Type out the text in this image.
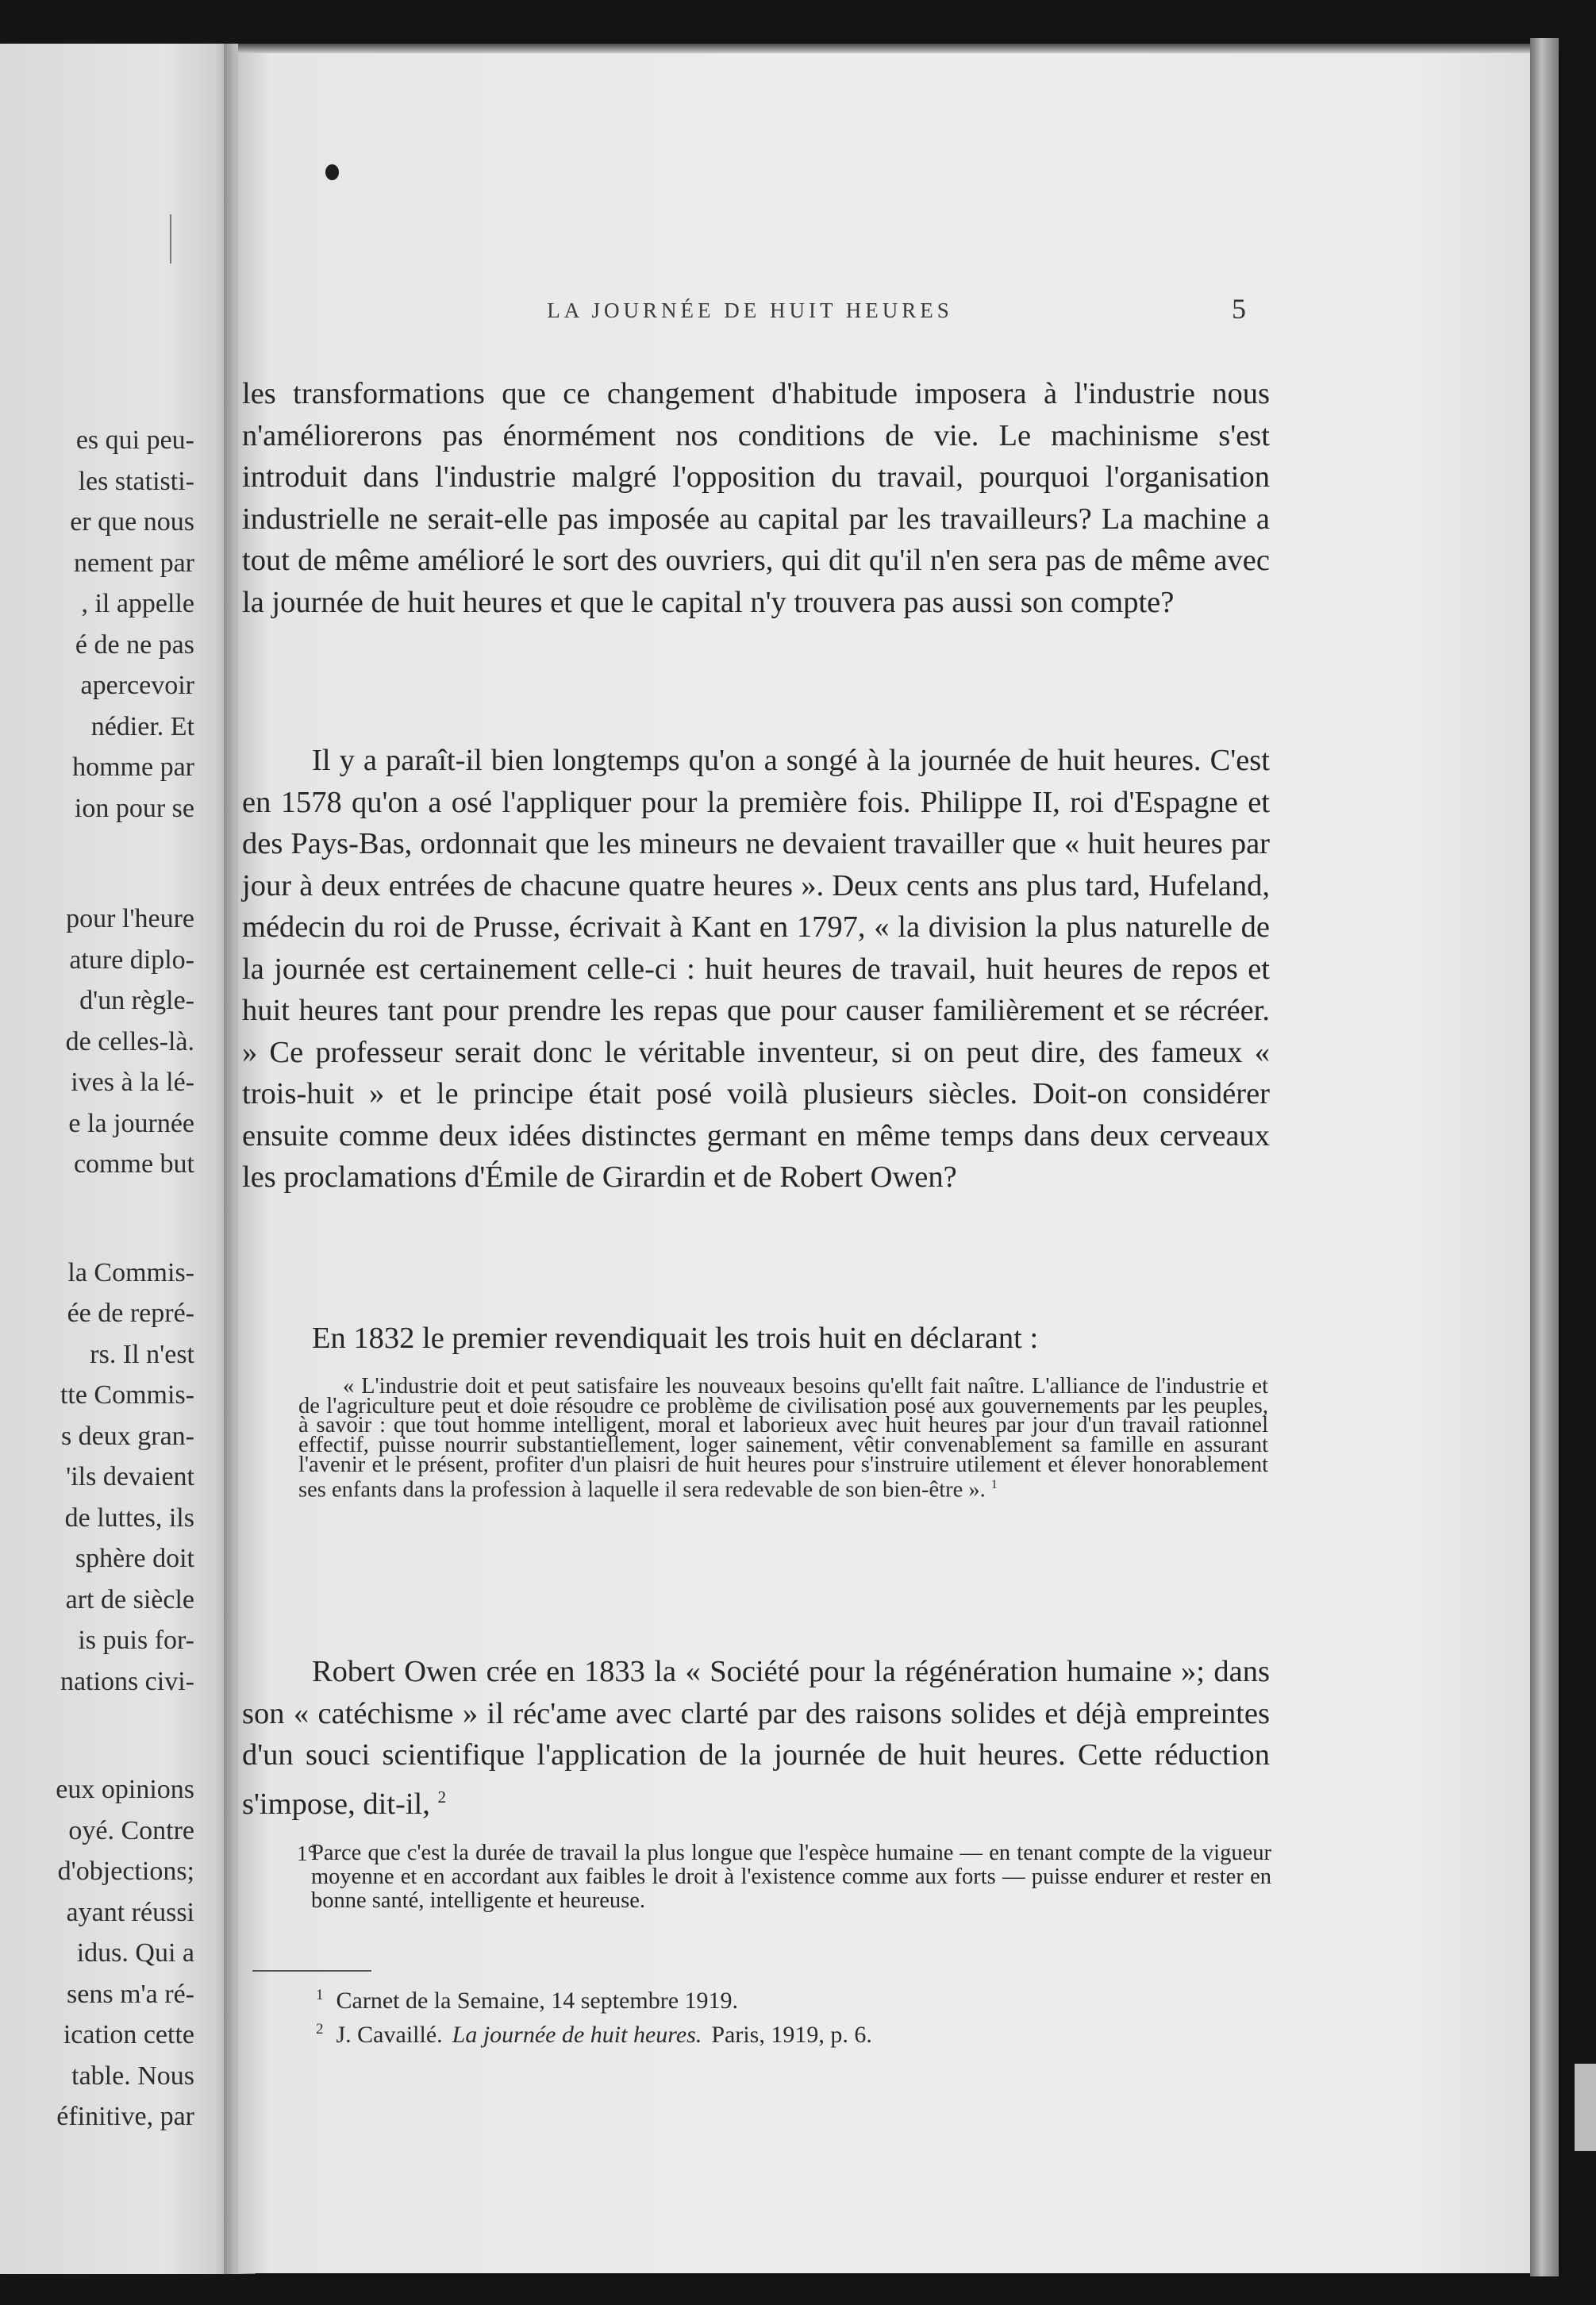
es qui peu-
les statisti-
er que nous
nement par
, il appelle
é de ne pas
apercevoir
nédier. Et
homme par
ion pour se
pour l'heure
ature diplo-
d'un règle-
de celles-là.
ives à la lé-
e la journée
comme but
la Commis-
ée de repré-
rs. Il n'est
tte Commis-
s deux gran-
'ils devaient
de luttes, ils
sphère doit
art de siècle
is puis for-
nations civi-
eux opinions
oyé. Contre
d'objections;
ayant réussi
idus. Qui a
sens m'a ré-
ication cette
table. Nous
éfinitive, par
LA JOURNÉE DE HUIT HEURES	5

les transformations que ce changement d'habitude imposera à l'industrie nous n'améliorerons pas énormément nos conditions de vie. Le machinisme s'est introduit dans l'industrie malgré l'opposition du travail, pourquoi l'organisation industrielle ne serait-elle pas imposée au capital par les travailleurs? La machine a tout de même amélioré le sort des ouvriers, qui dit qu'il n'en sera pas de même avec la journée de huit heures et que le capital n'y trouvera pas aussi son compte?

Il y a paraît-il bien longtemps qu'on a songé à la journée de huit heures. C'est en 1578 qu'on a osé l'appliquer pour la première fois. Philippe II, roi d'Espagne et des Pays-Bas, ordonnait que les mineurs ne devaient travailler que « huit heures par jour à deux entrées de chacune quatre heures ». Deux cents ans plus tard, Hufeland, médecin du roi de Prusse, écrivait à Kant en 1797, « la division la plus naturelle de la journée est certainement celle-ci : huit heures de travail, huit heures de repos et huit heures tant pour prendre les repas que pour causer familièrement et se récréer. » Ce professeur serait donc le véritable inventeur, si on peut dire, des fameux « trois-huit » et le principe était posé voilà plusieurs siècles. Doit-on considérer ensuite comme deux idées distinctes germant en même temps dans deux cerveaux les proclamations d'Émile de Girardin et de Robert Owen?

En 1832 le premier revendiquait les trois huit en déclarant :

« L'industrie doit et peut satisfaire les nouveaux besoins qu'ellt fait naître. L'alliance de l'industrie et de l'agriculture peut et doie résoudre ce problème de civilisation posé aux gouvernements par les peuples, à savoir : que tout homme intelligent, moral et laborieux avec huit heures par jour d'un travail rationnel effectif, puisse nourrir substantiellement, loger sainement, vêtir convenablement sa famille en assurant l'avenir et le présent, profiter d'un plaisri de huit heures pour s'instruire utilement et élever honorablement ses enfants dans la profession à laquelle il sera redevable de son bien-être ». $^1$

Robert Owen crée en 1833 la « Société pour la régénération humaine »; dans son « catéchisme » il réc'ame avec clarté par des raisons solides et déjà empreintes d'un souci scientifique l'application de la journée de huit heures. Cette réduction s'impose, dit-il, $^2$

1°
Parce que c'est la durée de travail la plus longue que l'espèce humaine — en tenant compte de la vigueur moyenne et en accordant aux faibles le droit à l'existence comme aux forts — puisse endurer et rester en bonne santé, intelligente et heureuse.
$^1$ Carnet de la Semaine, 14 septembre 1919.
$^2$ J. Cavaillé. La journée de huit heures. Paris, 1919, p. 6.
